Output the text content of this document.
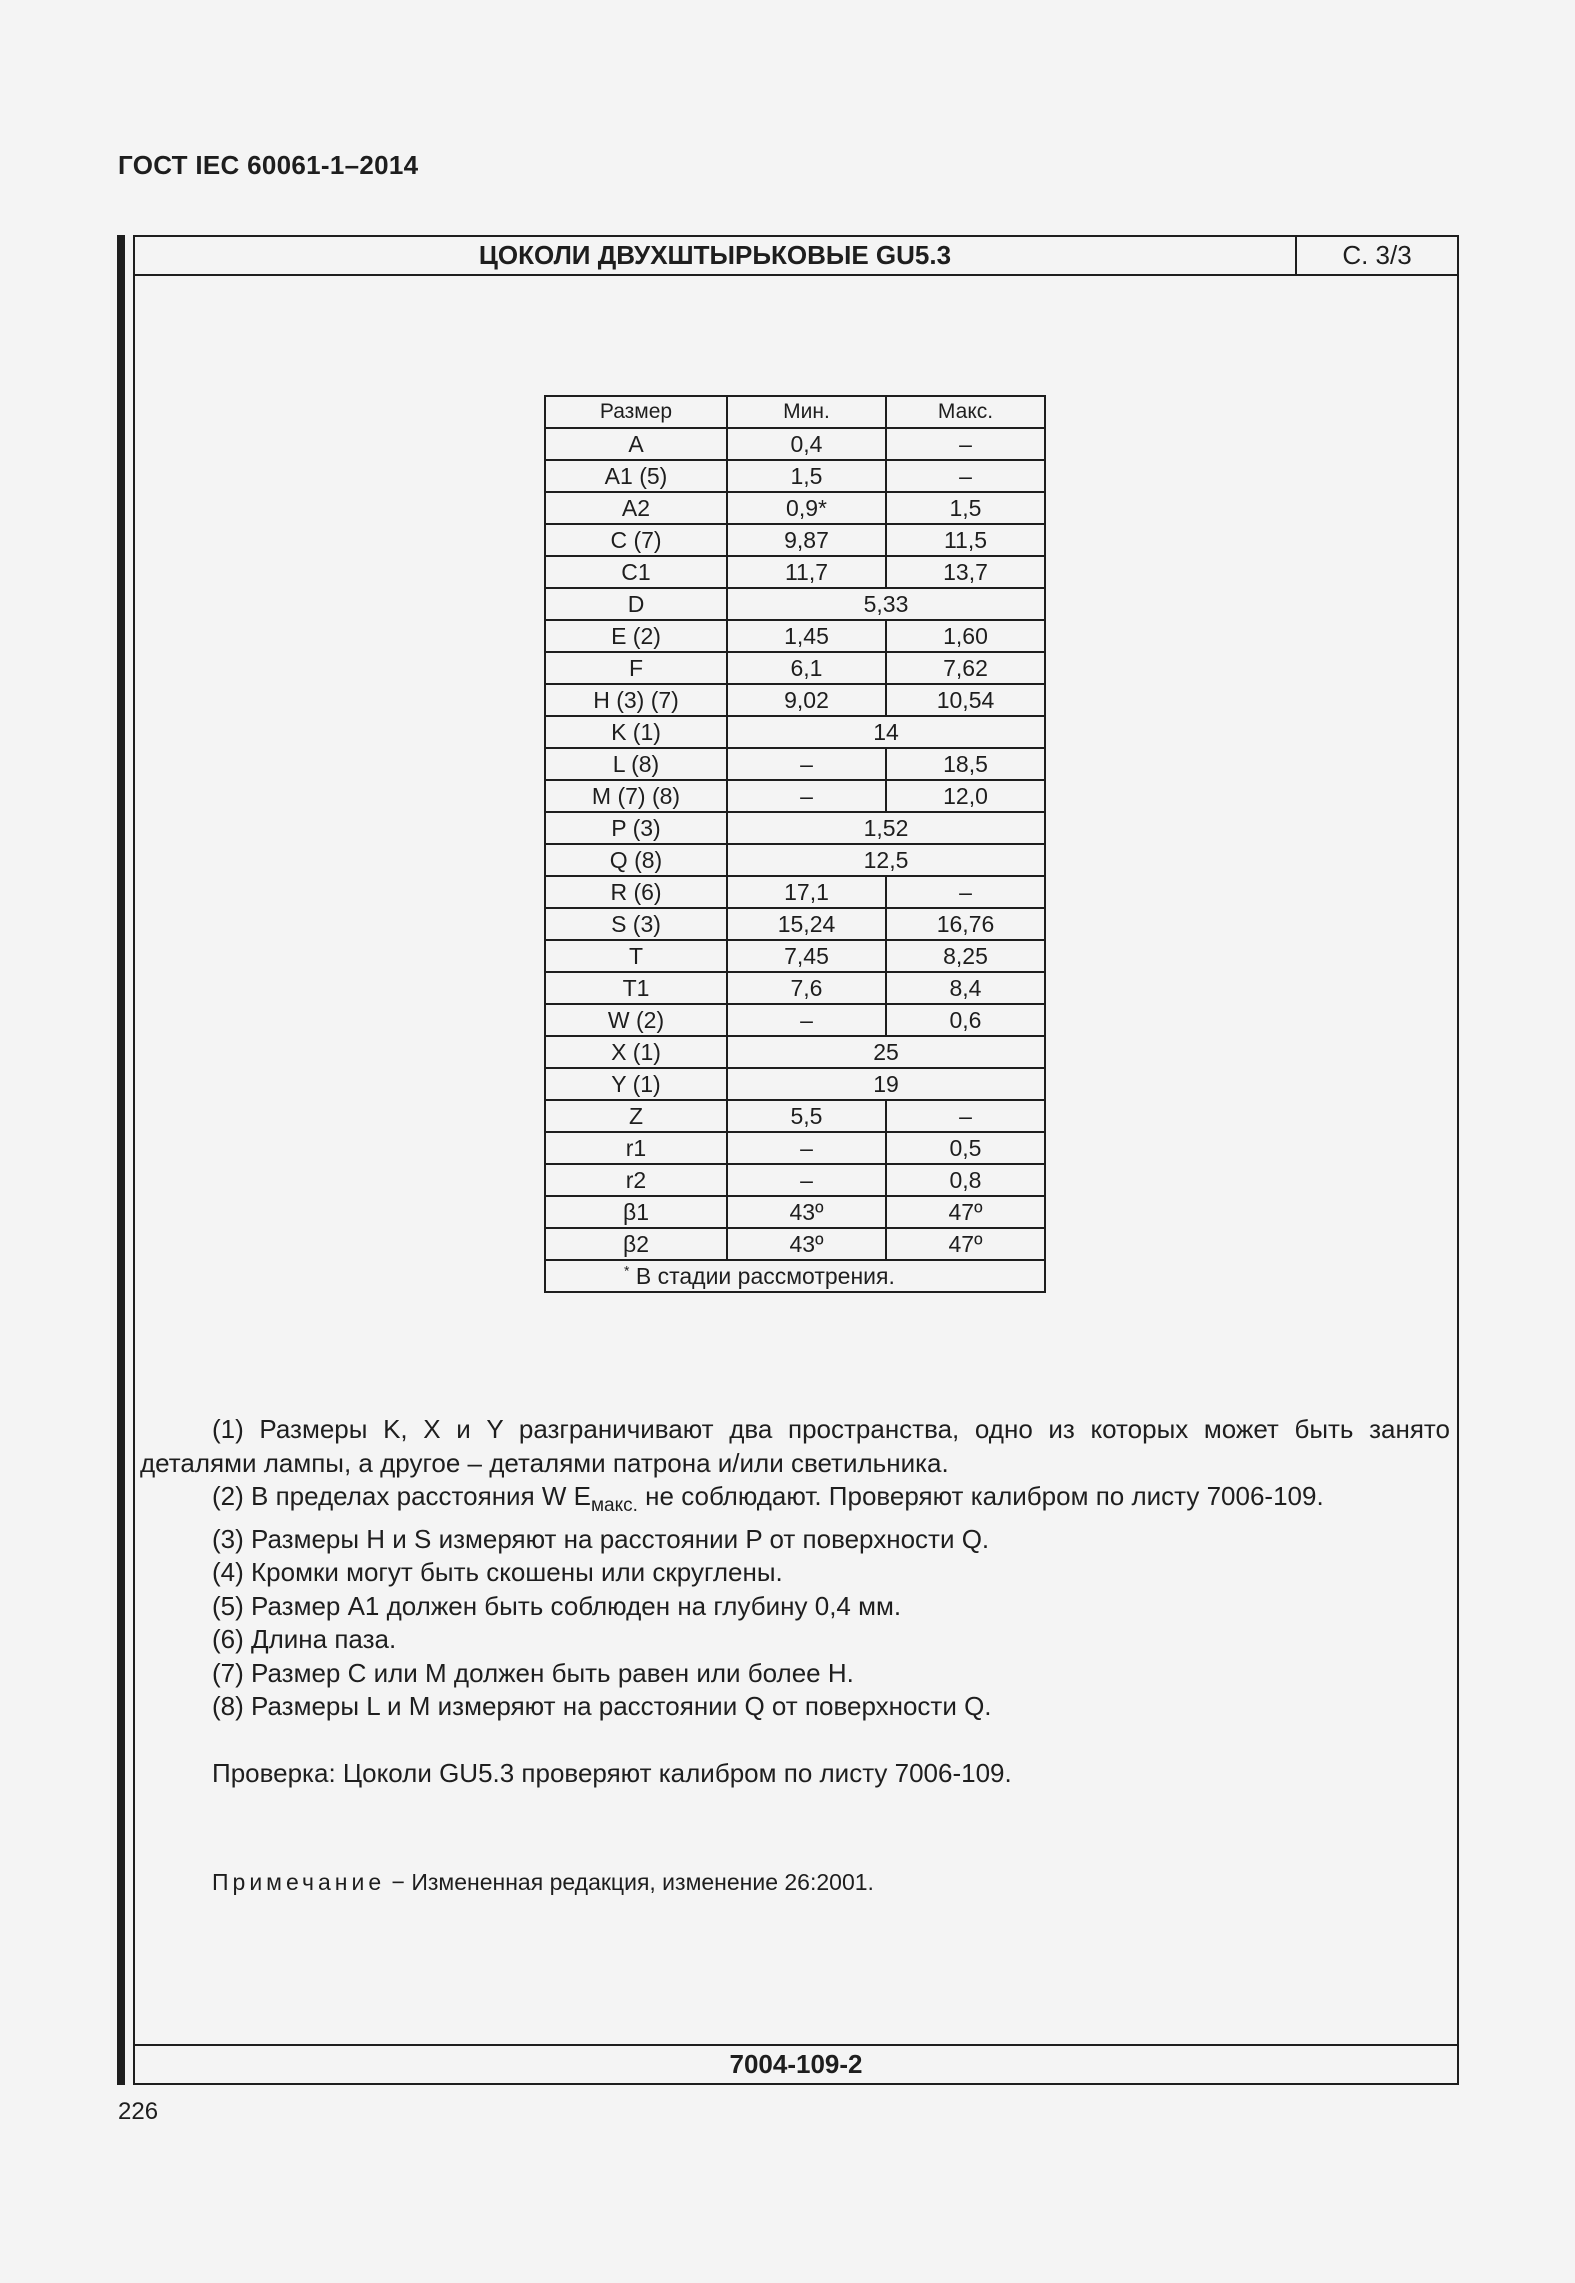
ГОСТ IEC 60061-1–2014
ЦОКОЛИ ДВУХШТЫРЬКОВЫЕ GU5.3	С. 3/3
Размер	Мин.	Макс.
A	0,4	–
A1 (5)	1,5	–
A2	0,9*	1,5
C (7)	9,87	11,5
C1	11,7	13,7
D	5,33	
E (2)	1,45	1,60
F	6,1	7,62
H (3) (7)	9,02	10,54
K (1)	14	
L (8)	–	18,5
M (7) (8)	–	12,0
P (3)	1,52	
Q (8)	12,5	
R (6)	17,1	–
S (3)	15,24	16,76
T	7,45	8,25
T1	7,6	8,4
W (2)	–	0,6
X (1)	25	
Y (1)	19	
Z	5,5	–
r1	–	0,5
r2	–	0,8
β1	43º	47º
β2	43º	47º
* В стадии рассмотрения.		
7004-109-2

(1) Размеры K, X и Y разграничивают два пространства, одно из которых может быть занято деталями лампы, а другое – деталями патрона и/или светильника.

(2) В пределах расстояния W $E_{макс.}$ не соблюдают. Проверяют калибром по листу 7006-109.

(3) Размеры H и S измеряют на расстоянии P от поверхности Q.

(4) Кромки могут быть скошены или скруглены.

(5) Размер A1 должен быть соблюден на глубину 0,4 мм.

(6) Длина паза.

(7) Размер C или M должен быть равен или более H.

(8) Размеры L и M измеряют на расстоянии Q от поверхности Q.

Проверка: Цоколи GU5.3 проверяют калибром по листу 7006-109.

Примечание − Измененная редакция, изменение 26:2001.

226
